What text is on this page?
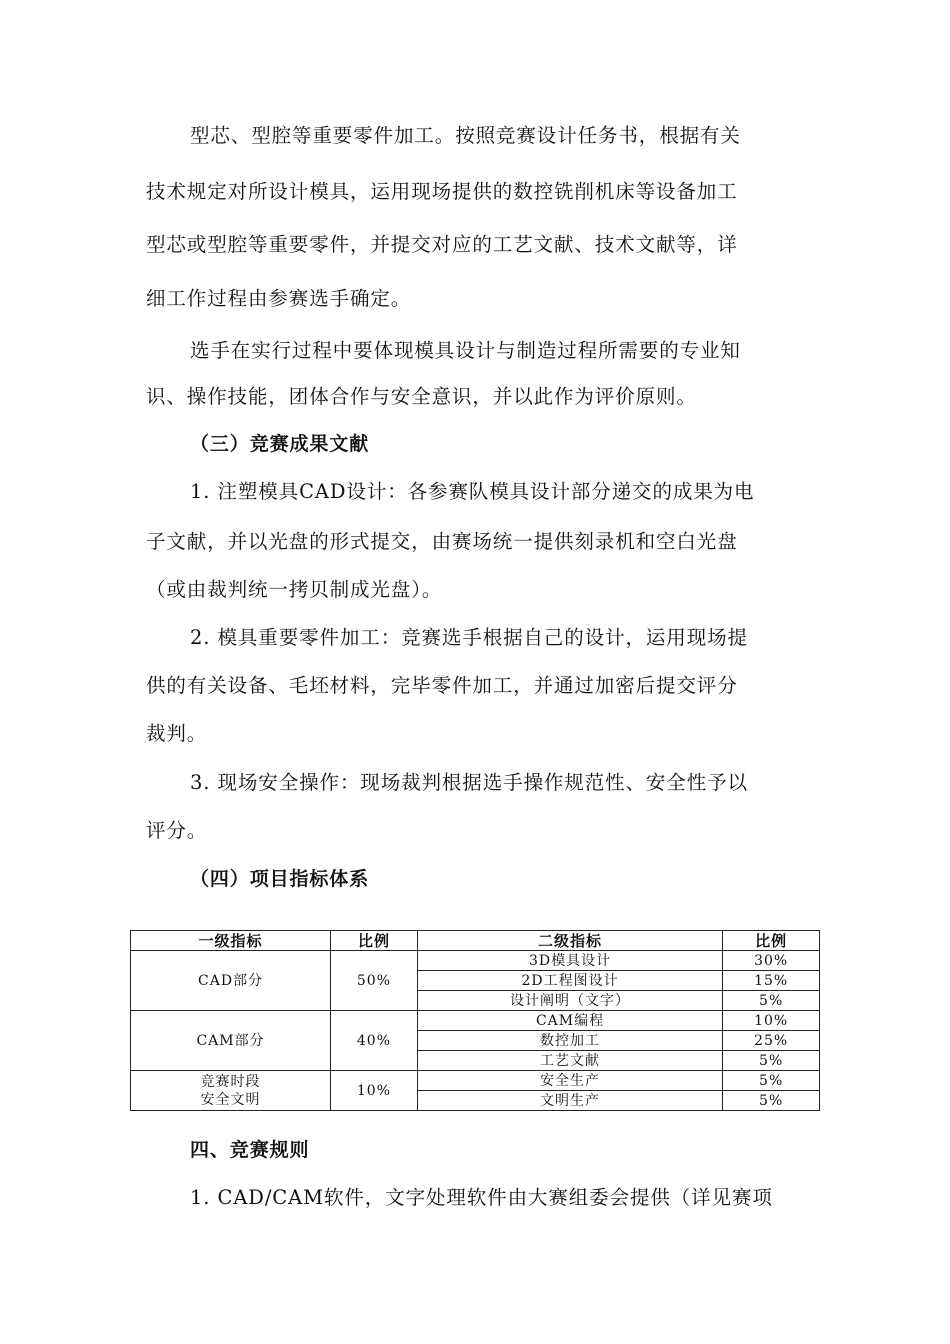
型芯、型腔等重要零件加工。按照竞赛设计任务书，根据有关
技术规定对所设计模具，运用现场提供的数控铣削机床等设备加工
型芯或型腔等重要零件，并提交对应的工艺文献、技术文献等，详
细工作过程由参赛选手确定。
选手在实行过程中要体现模具设计与制造过程所需要的专业知
识、操作技能，团体合作与安全意识，并以此作为评价原则。
（三）竞赛成果文献
1. 注塑模具CAD设计：各参赛队模具设计部分递交的成果为电
子文献，并以光盘的形式提交，由赛场统一提供刻录机和空白光盘
（或由裁判统一拷贝制成光盘）。
2. 模具重要零件加工：竞赛选手根据自己的设计，运用现场提
供的有关设备、毛坯材料，完毕零件加工，并通过加密后提交评分
裁判。
3. 现场安全操作：现场裁判根据选手操作规范性、安全性予以
评分。
（四）项目指标体系
一级指标	比例	二级指标	比例
CAD部分	50%	3D模具设计	30%
		2D工程图设计	15%
		设计阐明（文字）	5%
CAM部分	40%	CAM编程	10%
		数控加工	25%
		工艺文献	5%

竞赛时段
安全文明	10%	安全生产	5%
		文明生产	5%
四、竞赛规则
1. CAD/CAM软件，文字处理软件由大赛组委会提供（详见赛项
